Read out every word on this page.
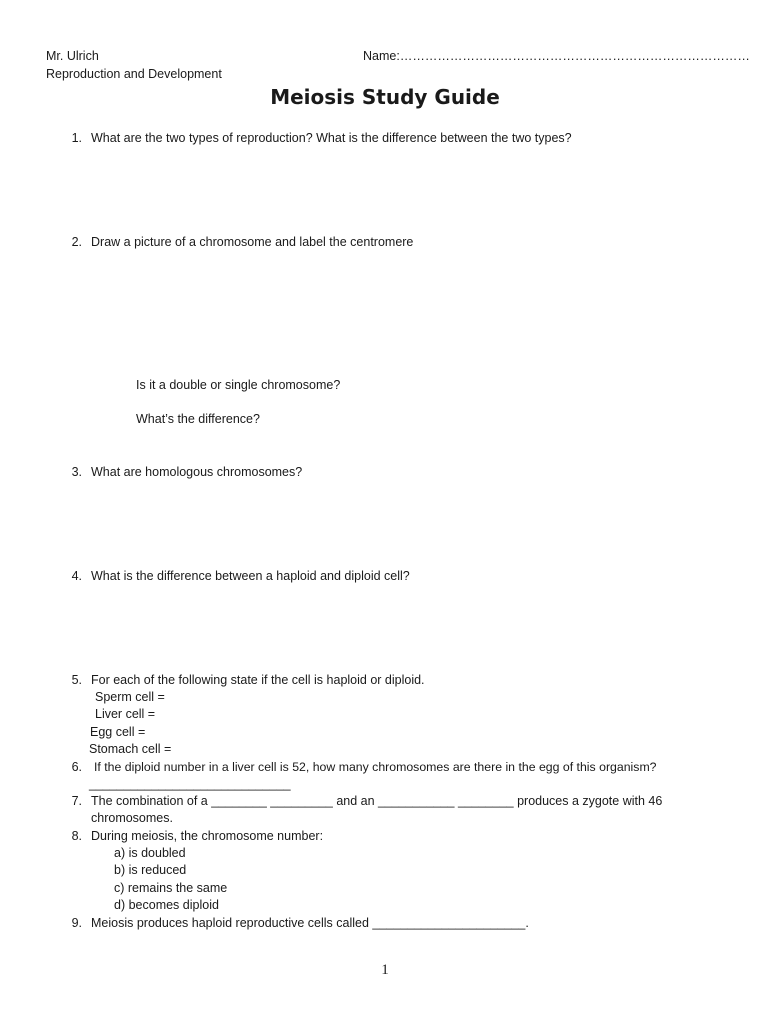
Mr. Ulrich
Reproduction and Development
Name:…………………………………………………………………………
Meiosis Study Guide
1. What are the two types of reproduction? What is the difference between the two types?
2. Draw a picture of a chromosome and label the centromere
Is it a double or single chromosome?
What’s the difference?
3. What are homologous chromosomes?
4. What is the difference between a haploid and diploid cell?
5. For each of the following state if the cell is haploid or diploid.
Sperm cell =
Liver cell =
Egg cell =
Stomach cell =
6. If the diploid number in a liver cell is 52, how many chromosomes are there in the egg of this organism?
_____________________________
7. The combination of a ________ _________ and an ___________ ________ produces a zygote with 46
chromosomes.
8. During meiosis, the chromosome number:
a) is doubled
b) is reduced
c) remains the same
d) becomes diploid
9. Meiosis produces haploid reproductive cells called ______________________.
1
